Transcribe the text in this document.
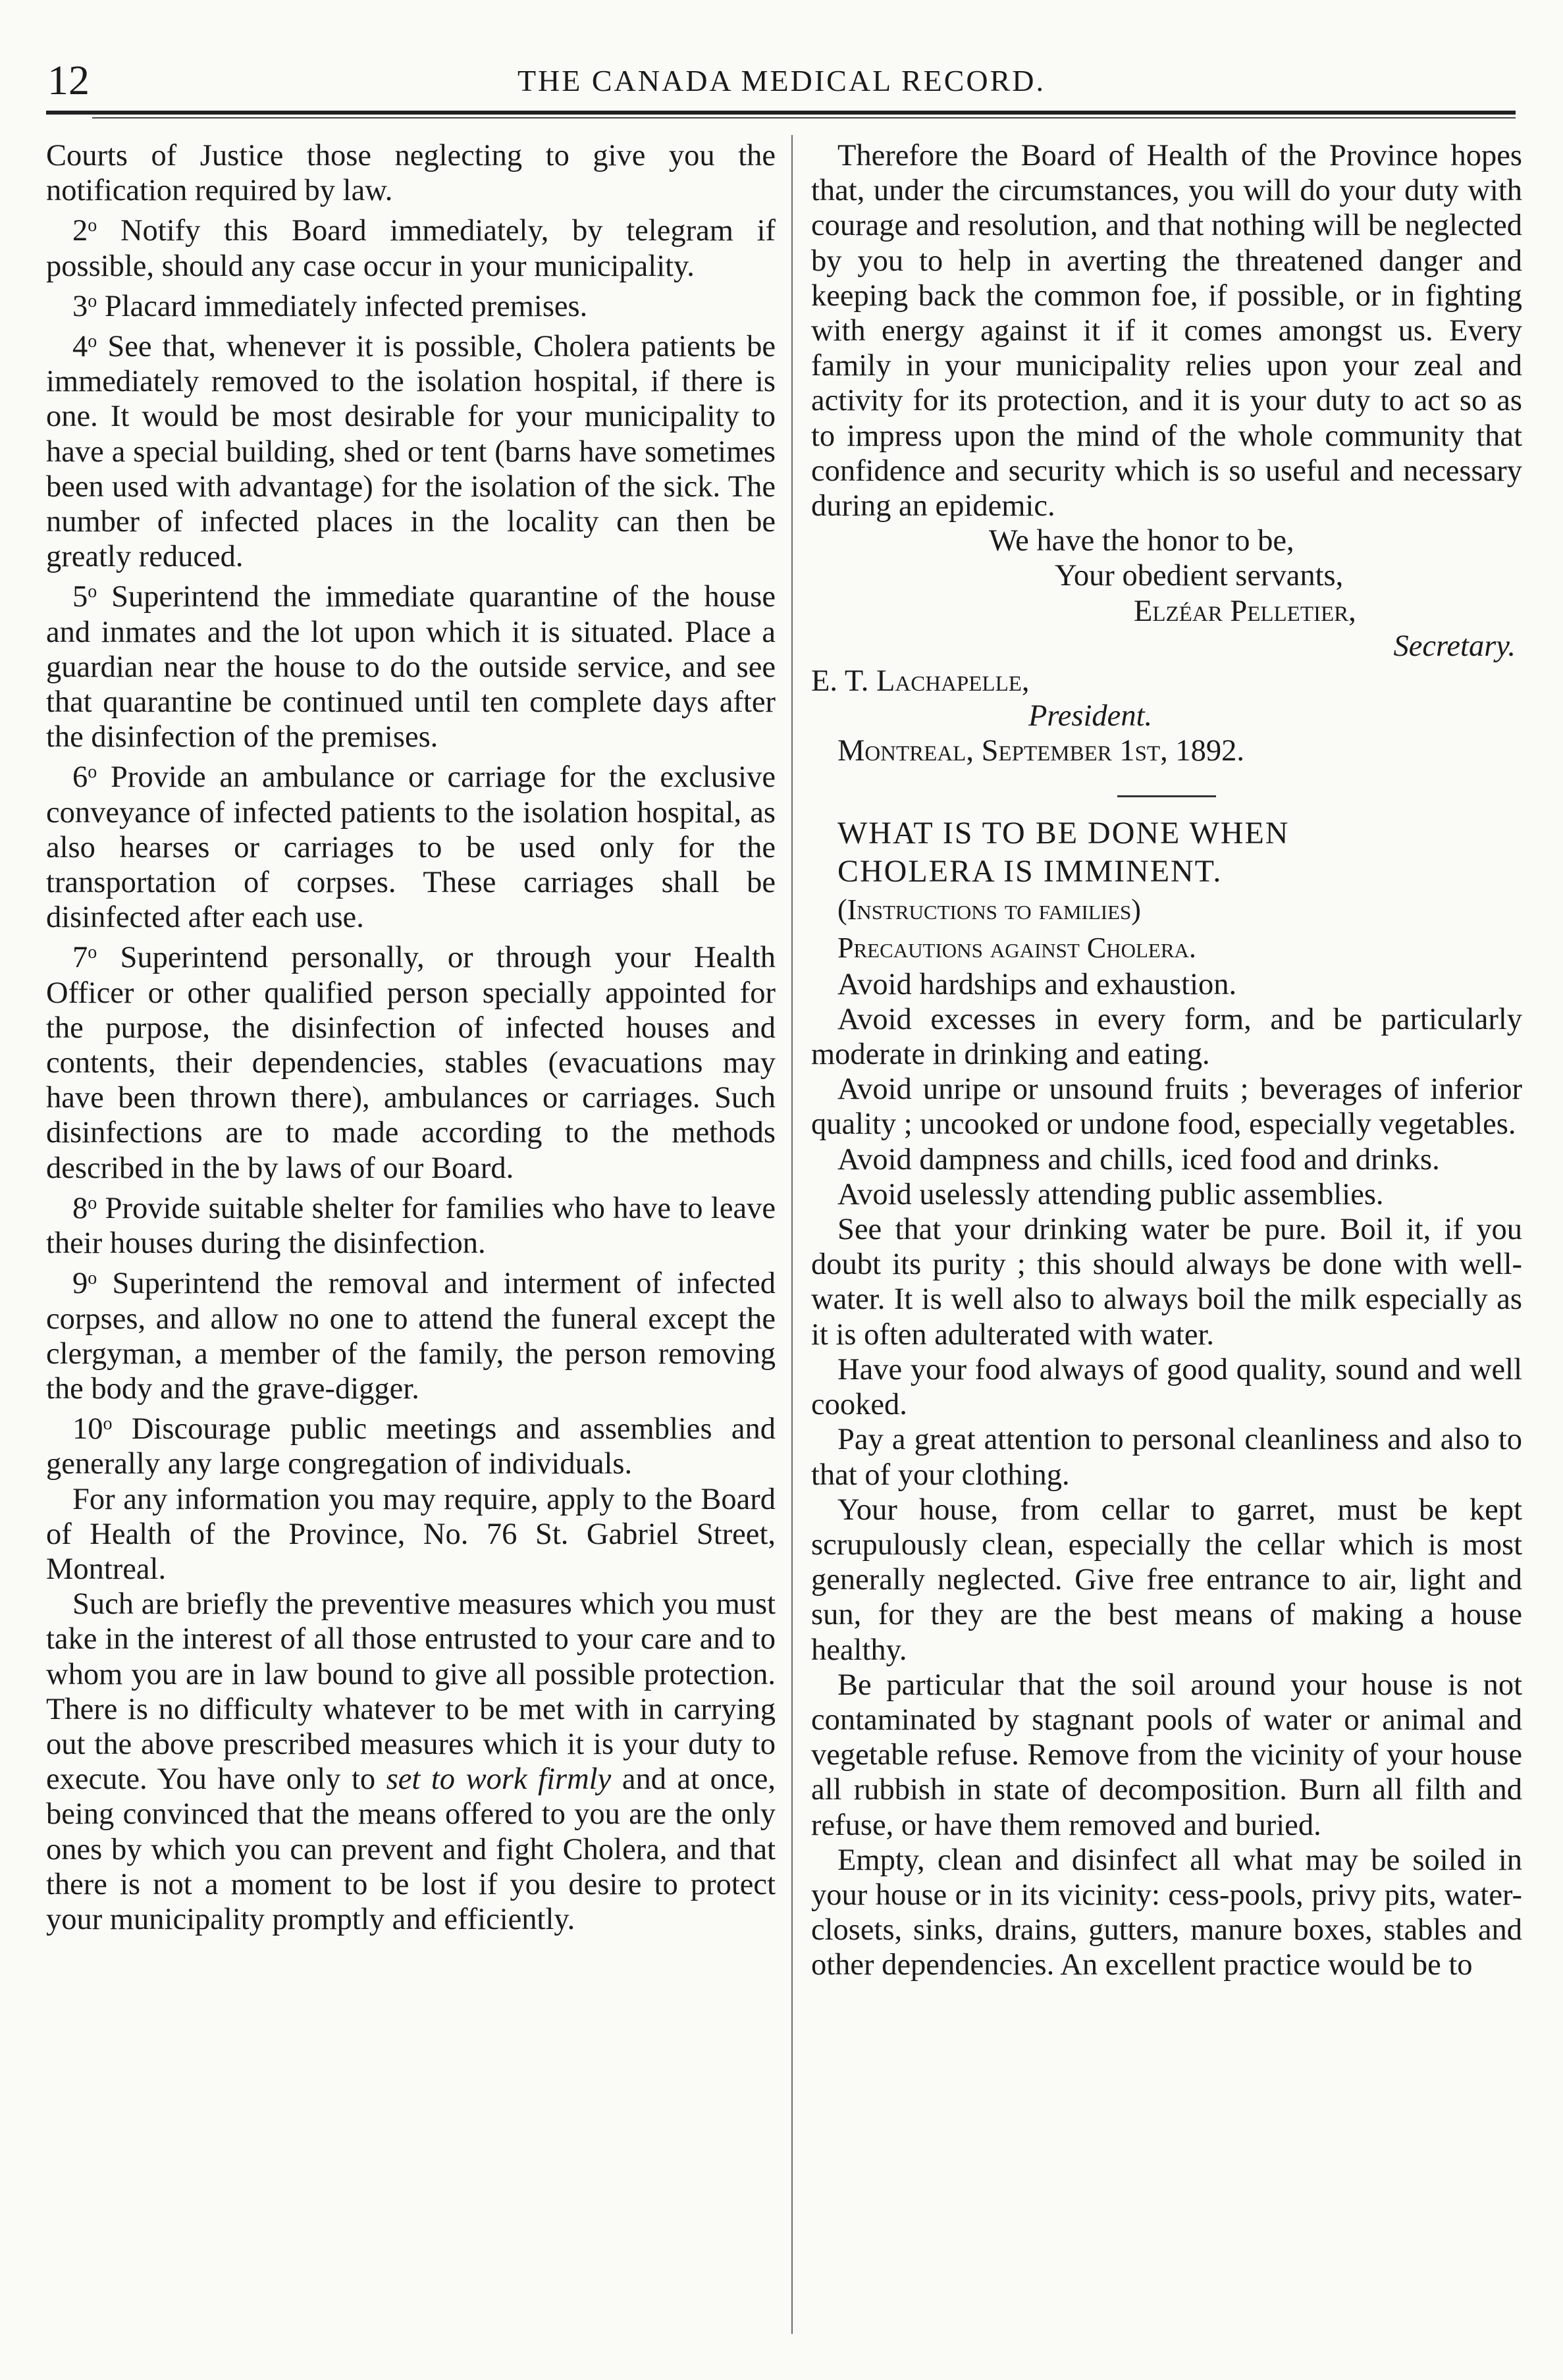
12	THE CANADA MEDICAL RECORD.

Courts of Justice those neglecting to give you the notification required by law.

2$^o$ Notify this Board immediately, by telegram if possible, should any case occur in your municipality.

3$^o$ Placard immediately infected premises.

4$^o$ See that, whenever it is possible, Cholera patients be immediately removed to the isolation hospital, if there is one. It would be most desirable for your municipality to have a special building, shed or tent (barns have sometimes been used with advantage) for the isolation of the sick. The number of infected places in the locality can then be greatly reduced.

5$^o$ Superintend the immediate quarantine of the house and inmates and the lot upon which it is situated. Place a guardian near the house to do the outside service, and see that quarantine be continued until ten complete days after the disinfection of the premises.

6$^o$ Provide an ambulance or carriage for the exclusive conveyance of infected patients to the isolation hospital, as also hearses or carriages to be used only for the transportation of corpses. These carriages shall be disinfected after each use.

7$^o$ Superintend personally, or through your Health Officer or other qualified person specially appointed for the purpose, the disinfection of infected houses and contents, their dependencies, stables (evacuations may have been thrown there), ambulances or carriages. Such disinfections are to made according to the methods described in the by laws of our Board.

8$^o$ Provide suitable shelter for families who have to leave their houses during the disinfection.

9$^o$ Superintend the removal and interment of infected corpses, and allow no one to attend the funeral except the clergyman, a member of the family, the person removing the body and the grave-digger.

10$^o$ Discourage public meetings and assemblies and generally any large congregation of individuals.

For any information you may require, apply to the Board of Health of the Province, No. 76 St. Gabriel Street, Montreal.

Such are briefly the preventive measures which you must take in the interest of all those entrusted to your care and to whom you are in law bound to give all possible protection. There is no difficulty whatever to be met with in carrying out the above prescribed measures which it is your duty to execute. You have only to set to work firmly and at once, being convinced that the means offered to you are the only ones by which you can prevent and fight Cholera, and that there is not a moment to be lost if you desire to protect your municipality promptly and efficiently.

Therefore the Board of Health of the Province hopes that, under the circumstances, you will do your duty with courage and resolution, and that nothing will be neglected by you to help in averting the threatened danger and keeping back the common foe, if possible, or in fighting with energy against it if it comes amongst us. Every family in your municipality relies upon your zeal and activity for its protection, and it is your duty to act so as to impress upon the mind of the whole community that confidence and security which is so useful and necessary during an epidemic.

We have the honor to be,
Your obedient servants,
Elzéar Pelletier,
Secretary.
E. T. Lachapelle,
President.
Montreal, September 1st, 1892.

WHAT IS TO BE DONE WHEN

CHOLERA IS IMMINENT.

(Instructions to families)

Precautions against Cholera.

Avoid hardships and exhaustion.

Avoid excesses in every form, and be particularly moderate in drinking and eating.

Avoid unripe or unsound fruits ; beverages of inferior quality ; uncooked or undone food, especially vegetables.

Avoid dampness and chills, iced food and drinks.

Avoid uselessly attending public assemblies.

See that your drinking water be pure. Boil it, if you doubt its purity ; this should always be done with well-water. It is well also to always boil the milk especially as it is often adulterated with water.

Have your food always of good quality, sound and well cooked.

Pay a great attention to personal cleanliness and also to that of your clothing.

Your house, from cellar to garret, must be kept scrupulously clean, especially the cellar which is most generally neglected. Give free entrance to air, light and sun, for they are the best means of making a house healthy.

Be particular that the soil around your house is not contaminated by stagnant pools of water or animal and vegetable refuse. Remove from the vicinity of your house all rubbish in state of decomposition. Burn all filth and refuse, or have them removed and buried.

Empty, clean and disinfect all what may be soiled in your house or in its vicinity: cess-pools, privy pits, water-closets, sinks, drains, gutters, manure boxes, stables and other dependencies. An excellent practice would be to
